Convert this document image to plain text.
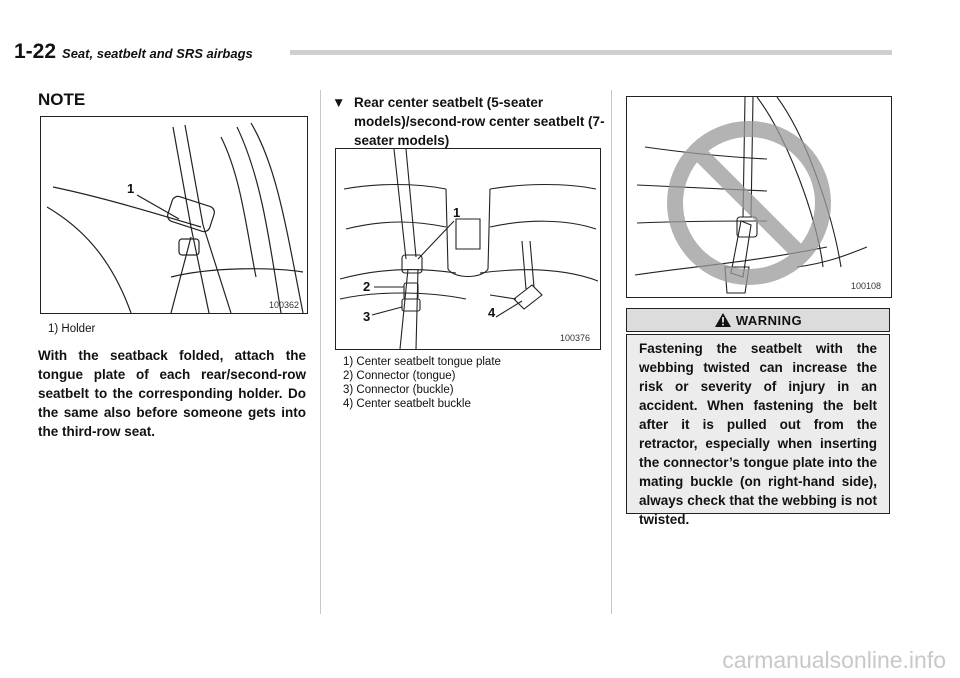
1-22 Seat, seatbelt and SRS airbags
NOTE
1
100362
1) Holder
With the seatback folded, attach the tongue plate of each rear/second-row seatbelt to the corresponding holder. Do the same also before someone gets into the third-row seat.
▼ Rear center seatbelt (5-seater models)/second-row center seatbelt (7-seater models)
1
2
3	4
100376
1) Center seatbelt tongue plate
2) Connector (tongue)
3) Connector (buckle)
4) Center seatbelt buckle
100108
WARNING
Fastening the seatbelt with the webbing twisted can increase the risk or severity of injury in an accident. When fastening the belt after it is pulled out from the retractor, especially when inserting the connector’s tongue plate into the mating buckle (on right-hand side), always check that the webbing is not twisted.
carmanualsonline.info
